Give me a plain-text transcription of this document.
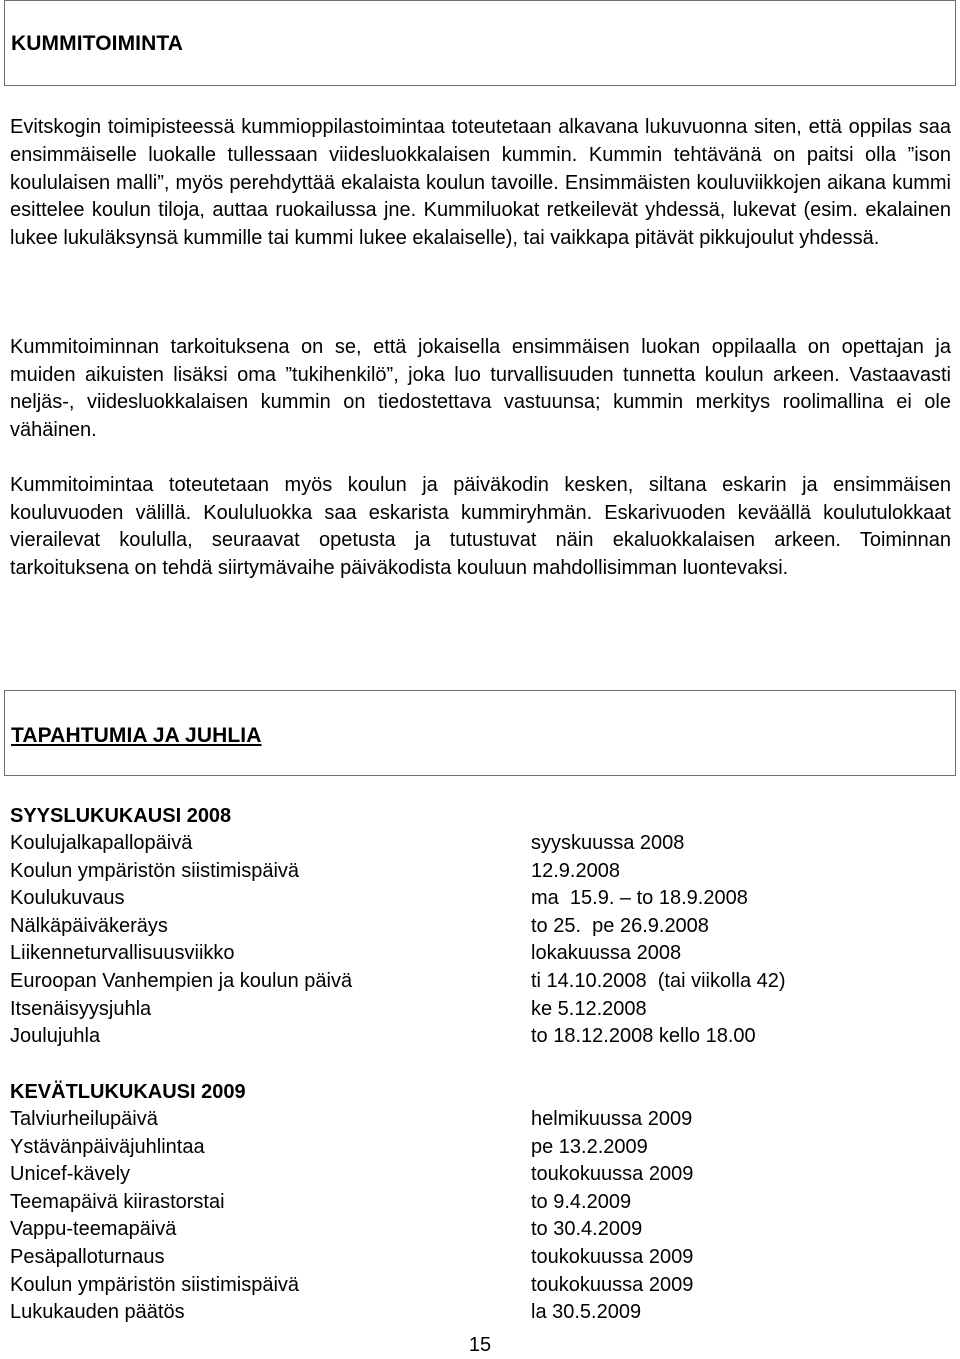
KUMMITOIMINTA

Evitskogin toimipisteessä kummioppilastoimintaa toteutetaan alkavana lukuvuonna siten, että oppilas saa ensimmäiselle luokalle tullessaan viidesluokkalaisen kummin. Kummin tehtävänä on paitsi olla ”ison koululaisen malli”, myös perehdyttää ekalaista koulun tavoille. Ensimmäisten kouluviikkojen aikana kummi esittelee koulun tiloja, auttaa ruokailussa jne. Kummiluokat retkeilevät yhdessä, lukevat (esim. ekalainen lukee lukuläksynsä kummille tai kummi lukee ekalaiselle), tai vaikkapa pitävät pikkujoulut yhdessä.

Kummitoiminnan tarkoituksena on se, että jokaisella ensimmäisen luokan oppilaalla on opettajan ja muiden aikuisten lisäksi oma ”tukihenkilö”, joka luo turvallisuuden tunnetta koulun arkeen. Vastaavasti neljäs-, viidesluokkalaisen kummin on tiedostettava vastuunsa; kummin merkitys roolimallina ei ole vähäinen.

Kummitoimintaa toteutetaan myös koulun ja päiväkodin kesken, siltana eskarin ja ensimmäisen kouluvuoden välillä. Koululuokka saa eskarista kummiryhmän. Eskarivuoden keväällä koulutulokkaat vierailevat koululla, seuraavat opetusta ja tutustuvat näin ekaluokkalaisen arkeen. Toiminnan tarkoituksena on tehdä siirtymävaihe päiväkodista kouluun mahdollisimman luontevaksi.

TAPAHTUMIA JA JUHLIA
SYYSLUKUKAUSI 2008
Koulujalkapallopäivä	syyskuussa 2008
Koulun ympäristön siistimispäivä	12.9.2008
Koulukuvaus	ma  15.9. – to 18.9.2008
Nälkäpäiväkeräys	to 25.  pe 26.9.2008
Liikenneturvallisuusviikko	lokakuussa 2008
Euroopan Vanhempien ja koulun päivä	ti 14.10.2008  (tai viikolla 42)
Itsenäisyysjuhla	ke 5.12.2008
Joulujuhla	to 18.12.2008 kello 18.00
KEVÄTLUKUKAUSI 2009
Talviurheilupäivä	helmikuussa 2009
Ystävänpäiväjuhlintaa	pe 13.2.2009
Unicef-kävely	toukokuussa 2009
Teemapäivä kiirastorstai	to 9.4.2009
Vappu-teemapäivä	to 30.4.2009
Pesäpalloturnaus	toukokuussa 2009
Koulun ympäristön siistimispäivä	toukokuussa 2009
Lukukauden päätös	la 30.5.2009
15
